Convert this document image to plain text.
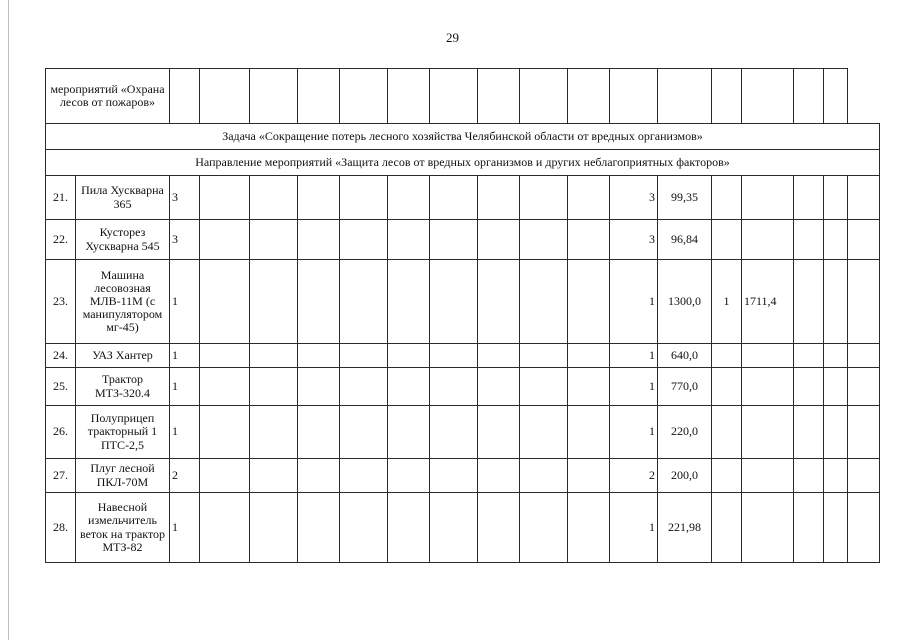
29
мероприятий «Охрана лесов от пожаров»																		
Задача «Сокращение потерь лесного хозяйства Челябинской области от вредных организмов»																		
Направление мероприятий «Защита лесов от вредных организмов и других неблагоприятных факторов»																		
21.	Пила Хускварна 365	3										3	99,35					
22.	Кусторез Хускварна 545	3										3	96,84					
23.	Машина лесовозная МЛВ-11М (с манипулятором мг-45)	1										1	1300,0	1	1711,4			
24.	УАЗ Хантер	1										1	640,0					
25.	Трактор МТЗ-320.4	1										1	770,0					
26.	Полуприцеп тракторный 1 ПТС-2,5	1										1	220,0					
27.	Плуг лесной ПКЛ-70М	2										2	200,0					
28.	Навесной измельчитель веток на трактор МТЗ-82	1										1	221,98					
